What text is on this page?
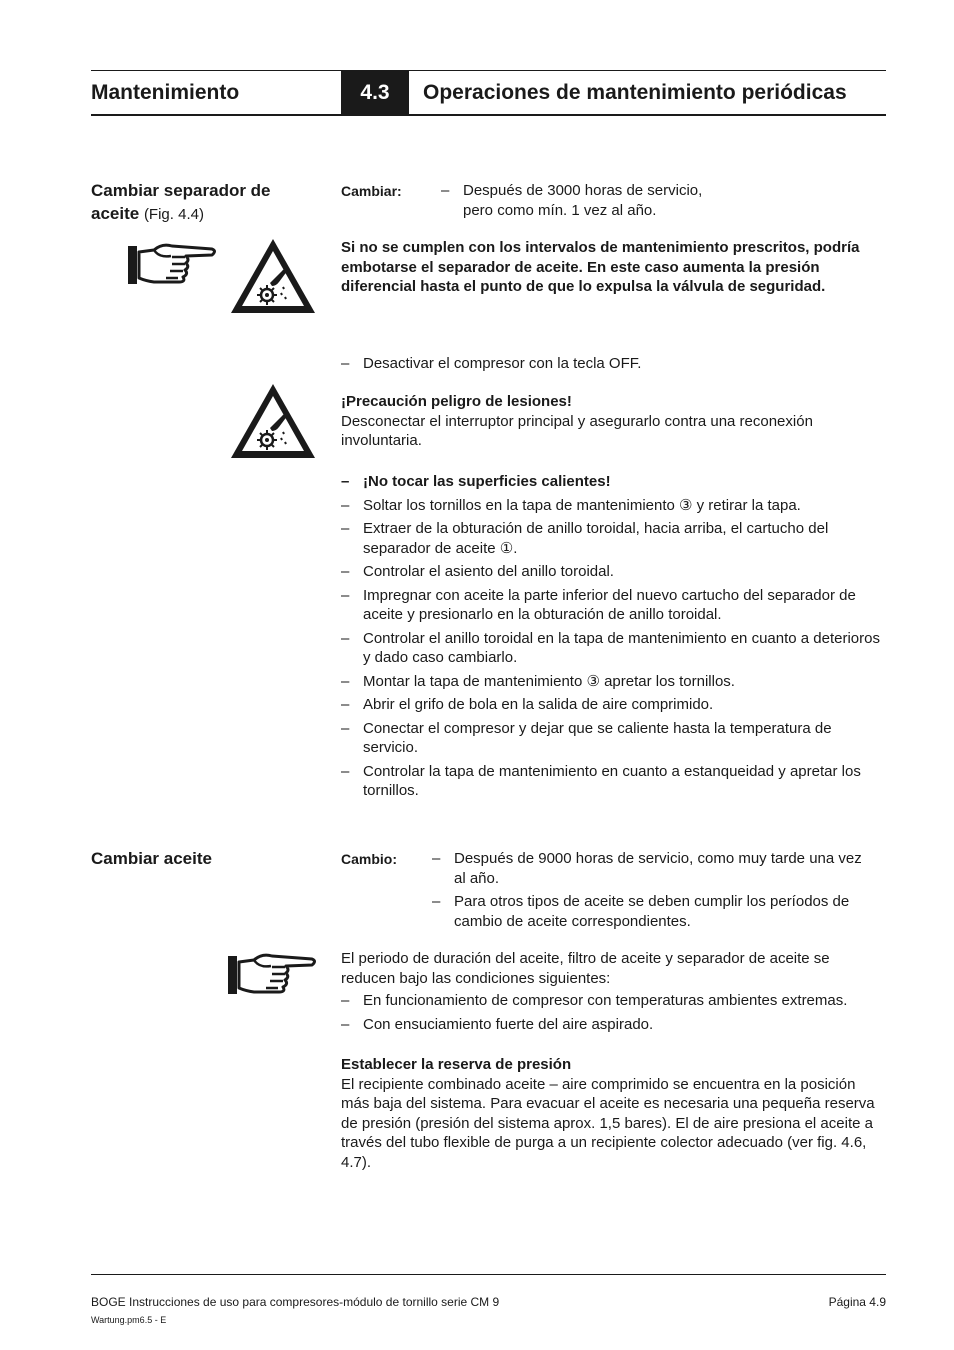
Mantenimiento	4.3	Operaciones de mantenimiento periódicas
Cambiar separador de aceite (Fig. 4.4)
Cambiar:	– Después de 3000 horas de servicio,
pero como mín. 1 vez al año.

Si no se cumplen con los intervalos de mantenimiento prescritos, podría embotarse el separador de aceite. En este caso aumenta la presión diferencial hasta el punto de que lo expulsa la válvula de seguridad.

– Desactivar el compresor con la tecla OFF.

¡Precaución peligro de lesiones!

Desconectar el interruptor principal y asegurarlo contra una reconexión involuntaria.

– ¡No tocar las superficies calientes!
– Soltar los tornillos en la tapa de mantenimiento ③ y retirar la tapa.
– Extraer de la obturación de anillo toroidal, hacia arriba, el cartucho del separador de aceite ①.
– Controlar el asiento del anillo toroidal.
– Impregnar con aceite la parte inferior del nuevo cartucho del separador de aceite y presionarlo en la obturación de anillo toroidal.
– Controlar el anillo toroidal en la tapa de mantenimiento en cuanto a deterioros y dado caso cambiarlo.
– Montar la tapa de mantenimiento ③ apretar los tornillos.
– Abrir el grifo de bola en la salida de aire comprimido.
– Conectar el compresor y dejar que se caliente hasta la temperatura de servicio.
– Controlar la tapa de mantenimiento en cuanto a estanqueidad y apretar los tornillos.
Cambiar aceite	Cambio:
–	Después de 9000 horas de servicio, como muy tarde una vez al año.
– Para otros tipos de aceite se deben cumplir los períodos de cambio de aceite correspondientes.

El periodo de duración del aceite, filtro de aceite y separador de aceite se reducen bajo las condiciones siguientes:

– En funcionamiento de compresor con temperaturas ambientes extremas.
– Con ensuciamiento fuerte del aire aspirado.

Establecer la reserva de presión

El recipiente combinado aceite – aire comprimido se encuentra en la posición más baja del sistema. Para evacuar el aceite es necesaria una pequeña reserva de presión (presión del sistema aprox. 1,5 bares). El de aire presiona el aceite a través del tubo flexible de purga a un recipiente colector adecuado (ver fig. 4.6, 4.7).

BOGE Instrucciones de uso para compresores-módulo de tornillo serie CM 9
Wartung.pm6.5 - E
Página 4.9
